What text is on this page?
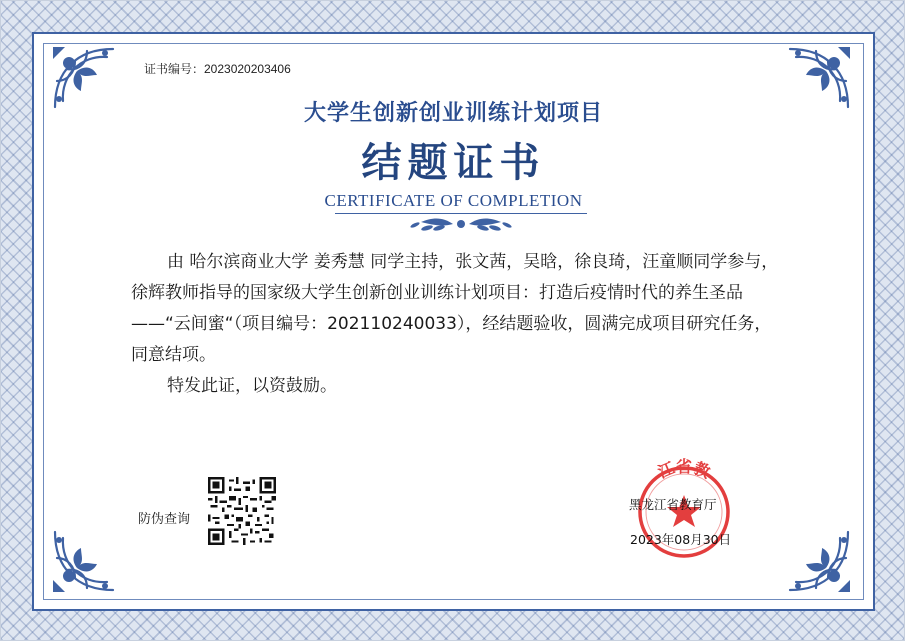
证书编号：2023020203406
大学生创新创业训练计划项目
结题证书
CERTIFICATE OF COMPLETION

由 哈尔滨商业大学 姜秀慧 同学主持，张文茜，吴晗，徐良琦，汪童顺同学参与，徐辉教师指导的国家级大学生创新创业训练计划项目：打造后疫情时代的养生圣品——“云间蜜“（项目编号：202110240033），经结题验收，圆满完成项目研究任务，同意结项。

特发此证，以资鼓励。

防伪查询
江省教
黑龙江省教育厅
2023年08月30日
